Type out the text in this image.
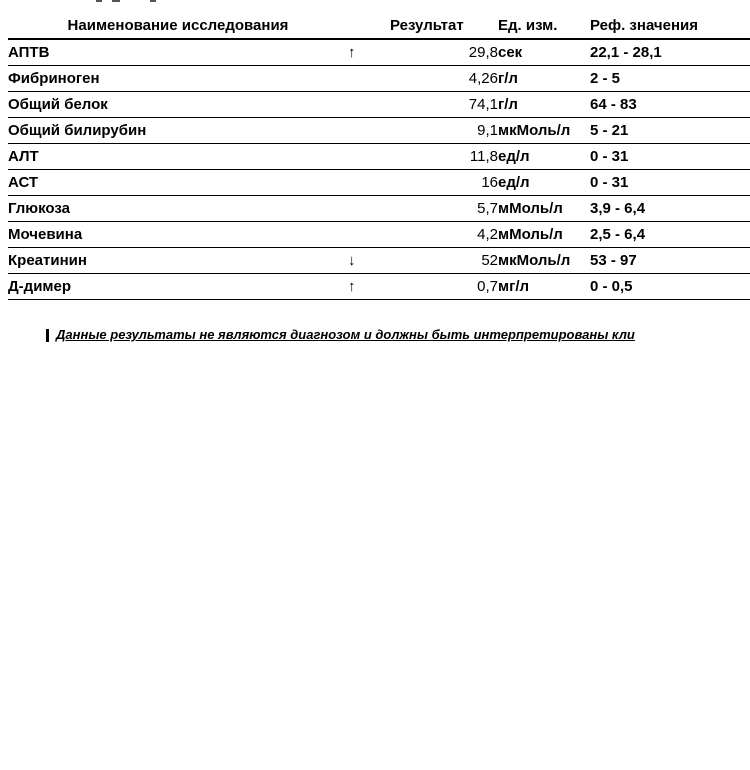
Наименование исследования		Результат	Ед. изм.	Реф. значения
АПТВ	↑	29,8	сек	22,1 - 28,1
Фибриноген		4,26	г/л	2 - 5
Общий белок		74,1	г/л	64 - 83
Общий билирубин		9,1	мкМоль/л	5 - 21
АЛТ		11,8	ед/л	0 - 31
АСТ		16	ед/л	0 - 31
Глюкоза		5,7	мМоль/л	3,9 - 6,4
Мочевина		4,2	мМоль/л	2,5 - 6,4
Креатинин	↓	52	мкМоль/л	53 - 97
Д-димер	↑	0,7	мг/л	0 - 0,5
Данные результаты не являются диагнозом и должны быть интерпретированы кли
